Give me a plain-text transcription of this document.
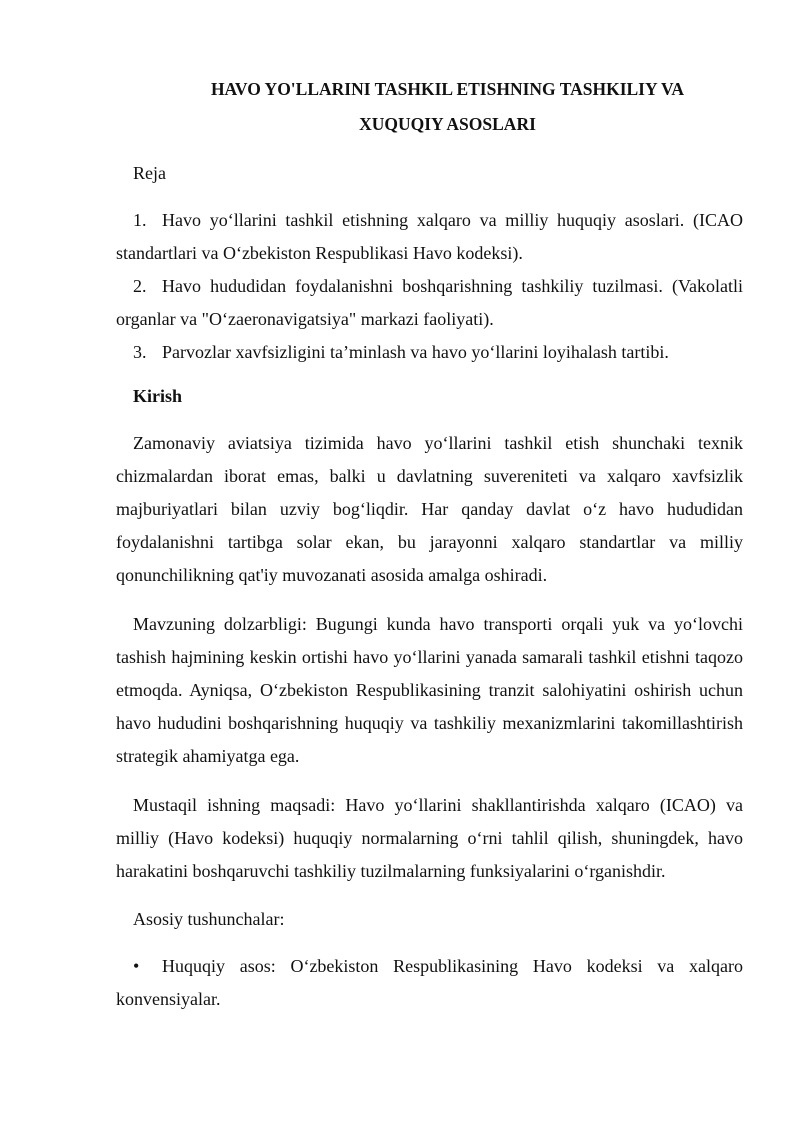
HAVO YO'LLARINI TASHKIL ETISHNING TASHKILIY VA
XUQUQIY ASOSLARI
Reja
1. Havo yo‘llarini tashkil etishning xalqaro va milliy huquqiy asoslari. (ICAO standartlari va O‘zbekiston Respublikasi Havo kodeksi).
2. Havo hududidan foydalanishni boshqarishning tashkiliy tuzilmasi. (Vakolatli organlar va "O‘zaeronavigatsiya" markazi faoliyati).
3. Parvozlar xavfsizligini ta’minlash va havo yo‘llarini loyihalash tartibi.
Kirish

Zamonaviy aviatsiya tizimida havo yo‘llarini tashkil etish shunchaki texnik chizmalardan iborat emas, balki u davlatning suvereniteti va xalqaro xavfsizlik majburiyatlari bilan uzviy bog‘liqdir. Har qanday davlat o‘z havo hududidan foydalanishni tartibga solar ekan, bu jarayonni xalqaro standartlar va milliy qonunchilikning qat'iy muvozanati asosida amalga oshiradi.

Mavzuning dolzarbligi: Bugungi kunda havo transporti orqali yuk va yo‘lovchi tashish hajmining keskin ortishi havo yo‘llarini yanada samarali tashkil etishni taqozo etmoqda. Ayniqsa, O‘zbekiston Respublikasining tranzit salohiyatini oshirish uchun havo hududini boshqarishning huquqiy va tashkiliy mexanizmlarini takomillashtirish strategik ahamiyatga ega.

Mustaqil ishning maqsadi: Havo yo‘llarini shakllantirishda xalqaro (ICAO) va milliy (Havo kodeksi) huquqiy normalarning o‘rni tahlil qilish, shuningdek, havo harakatini boshqaruvchi tashkiliy tuzilmalarning funksiyalarini o‘rganishdir.

Asosiy tushunchalar:
• Huquqiy asos: O‘zbekiston Respublikasining Havo kodeksi va xalqaro konvensiyalar.
